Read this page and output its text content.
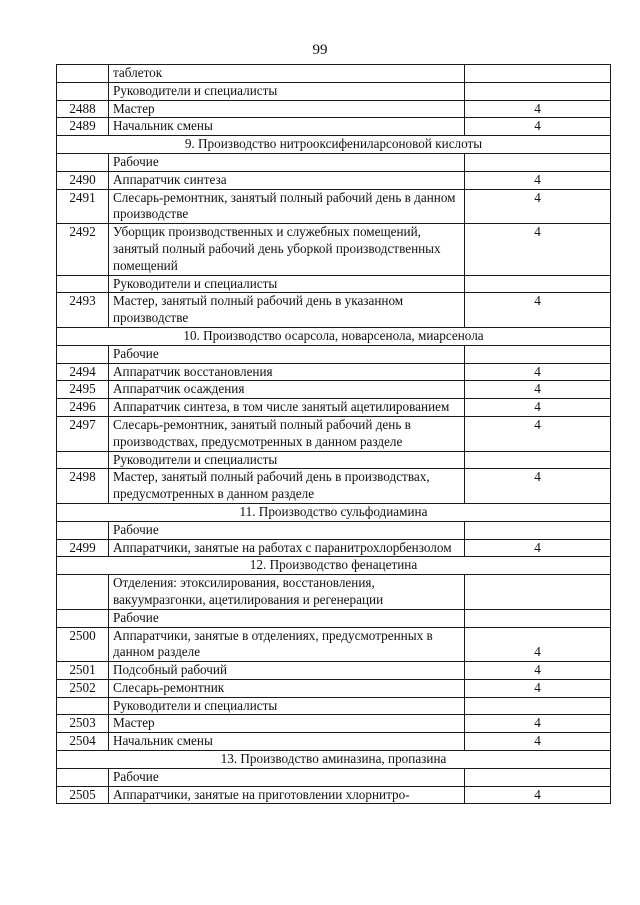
99
	таблеток	
	Руководители и специалисты	
2488	Мастер	4
2489	Начальник смены	4
9. Производство нитрооксифениларсоновой кислоты		
	Рабочие	
2490	Аппаратчик синтеза	4
2491	Слесарь-ремонтник, занятый полный рабочий день в данном производстве	4
2492	Уборщик производственных и служебных помещений, занятый полный рабочий день уборкой производственных помещений	4
	Руководители и специалисты	
2493	Мастер, занятый полный рабочий день в указанном производстве	4
10. Производство осарсола, новарсенола, миарсенола		
	Рабочие	
2494	Аппаратчик восстановления	4
2495	Аппаратчик осаждения	4
2496	Аппаратчик синтеза, в том числе занятый ацетилированием	4
2497	Слесарь-ремонтник, занятый полный рабочий день в производствах, предусмотренных в данном разделе	4
	Руководители и специалисты	
2498	Мастер, занятый полный рабочий день в производствах, предусмотренных в данном разделе	4
11. Производство сульфодиамина		
	Рабочие	
2499	Аппаратчики, занятые на работах с паранитрохлорбензолом	4
12. Производство фенацетина		
	Отделения: этоксилирования, восстановления, вакуумразгонки, ацетилирования и регенерации	
	Рабочие	
2500	Аппаратчики, занятые в отделениях, предусмотренных в данном разделе	4
2501	Подсобный рабочий	4
2502	Слесарь-ремонтник	4
	Руководители и специалисты	
2503	Мастер	4
2504	Начальник смены	4
13. Производство аминазина, пропазина		
	Рабочие	
2505	Аппаратчики, занятые на приготовлении хлорнитро-	4
